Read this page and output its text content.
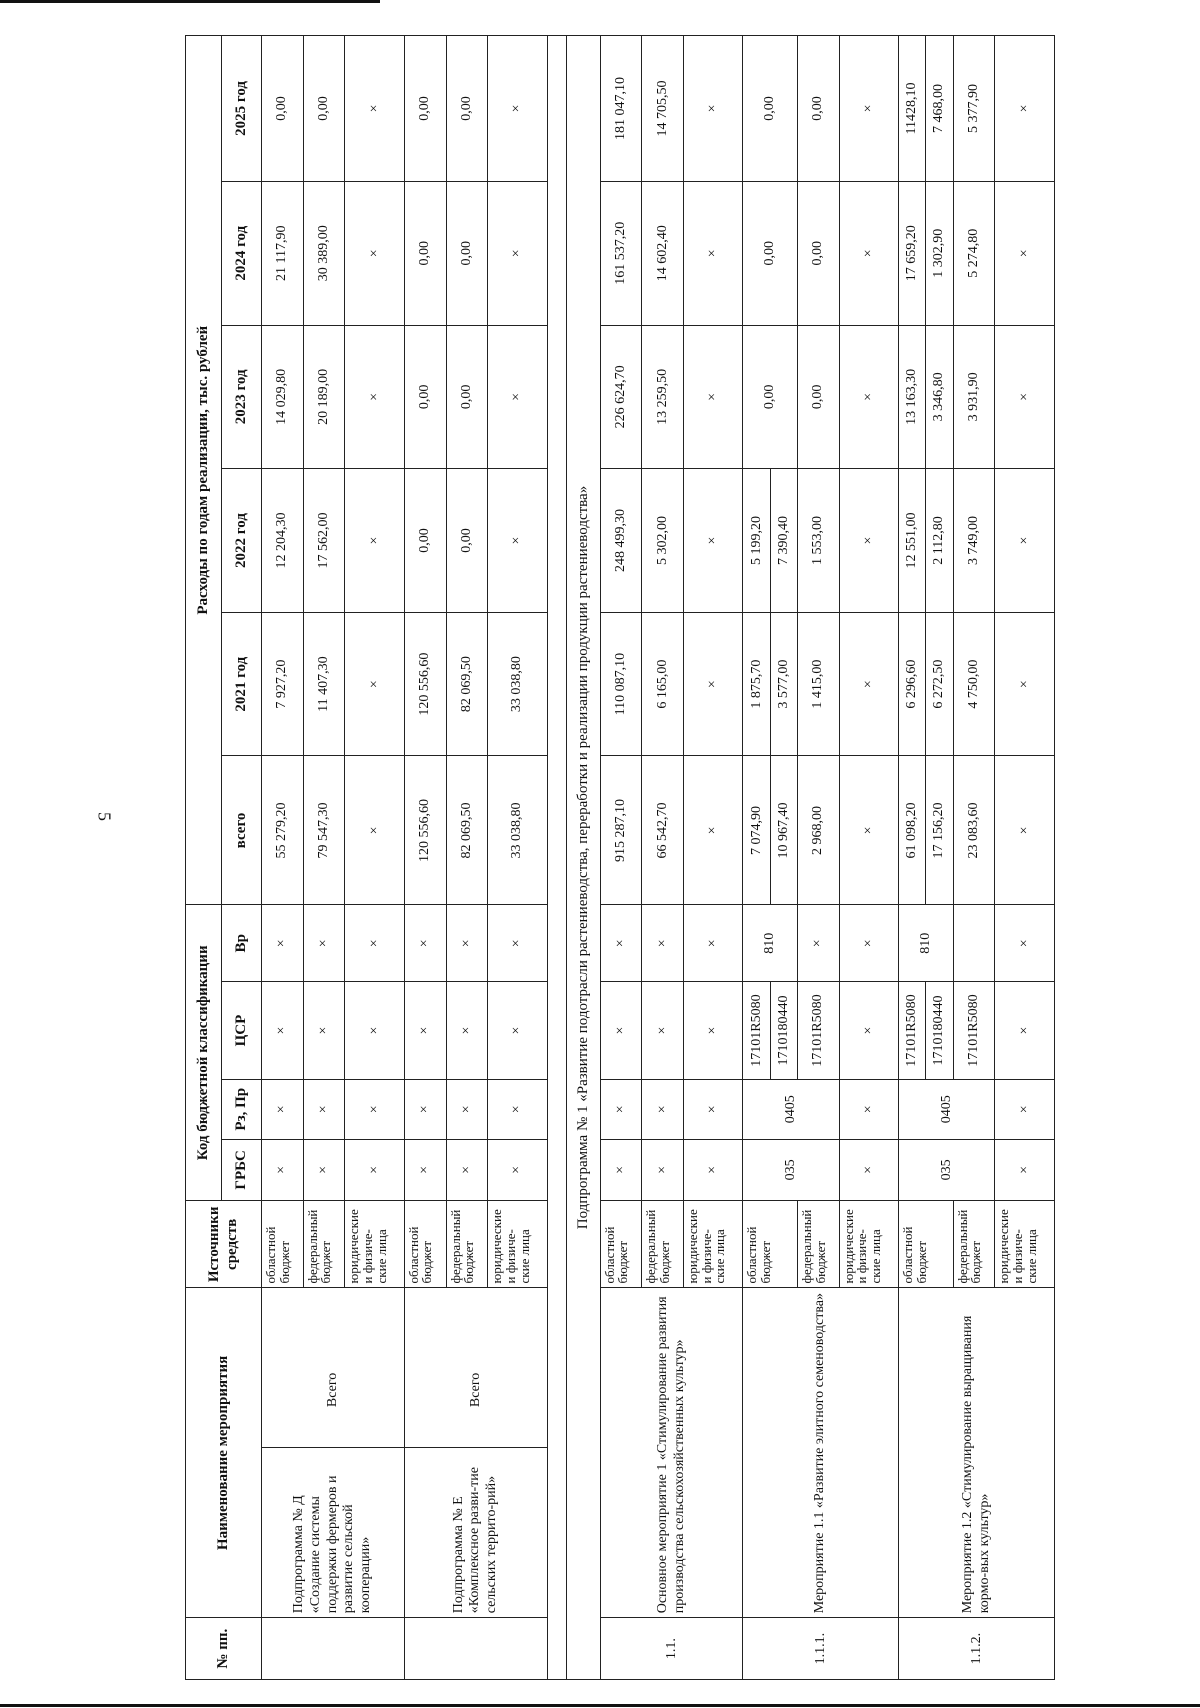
5
№ пп.	Наименование мероприятия		Источники средств	Код бюджетной классификации				Расходы по годам реализации, тыс. рублей					
				ГРБС	Рз, Пр	ЦСР	Вр	всего	2021 год	2022 год	2023 год	2024 год	2025 год
	Подпрограмма № Д «Создание системы поддержки фермеров и развитие сельской кооперации»	Всего	областной бюджет	×	×	×	×	55 279,20	7 927,20	12 204,30	14 029,80	21 117,90	0,00
			федеральный бюджет	×	×	×	×	79 547,30	11 407,30	17 562,00	20 189,00	30 389,00	0,00
			юридические и физиче-ские лица	×	×	×	×	×	×	×	×	×	×
	Подпрограмма № Е «Комплексное разви-тие сельских террито-рий»	Всего	областной бюджет	×	×	×	×	120 556,60	120 556,60	0,00	0,00	0,00	0,00
			федеральный бюджет	×	×	×	×	82 069,50	82 069,50	0,00	0,00	0,00	0,00
			юридические и физиче-ские лица	×	×	×	×	33 038,80	33 038,80	×	×	×	×

Подпрограмма № 1 «Развитие подотрасли растениеводства, переработки и реализации продукции растениеводства»													
1.1.	Основное мероприятие 1 «Стимулирование развития производства сельскохозяйственных культур»		областной бюджет	×	×	×	×	915 287,10	110 087,10	248 499,30	226 624,70	161 537,20	181 047,10
			федеральный бюджет	×	×	×	×	66 542,70	6 165,00	5 302,00	13 259,50	14 602,40	14 705,50
			юридические и физиче-ские лица	×	×	×	×	×	×	×	×	×	×
1.1.1.	Мероприятие 1.1 «Развитие элитного семеноводства»		областной бюджет	035	0405	17101R5080	810	7 074,90	1 875,70	5 199,20	0,00	0,00	0,00
						1710180440		10 967,40	3 577,00	7 390,40			
			федеральный бюджет			17101R5080	×	2 968,00	1 415,00	1 553,00	0,00	0,00	0,00
			юридические и физиче-ские лица	×	×	×	×	×	×	×	×	×	×
1.1.2.	Мероприятие 1.2 «Стимулирование выращивания кормо-вых культур»		областной бюджет	035	0405	17101R5080	810	61 098,20	6 296,60	12 551,00	13 163,30	17 659,20	11428,10
						1710180440		17 156,20	6 272,50	2 112,80	3 346,80	1 302,90	7 468,00
			федеральный бюджет			17101R5080		23 083,60	4 750,00	3 749,00	3 931,90	5 274,80	5 377,90
			юридические и физиче-ские лица	×	×	×	×	×	×	×	×	×	×
